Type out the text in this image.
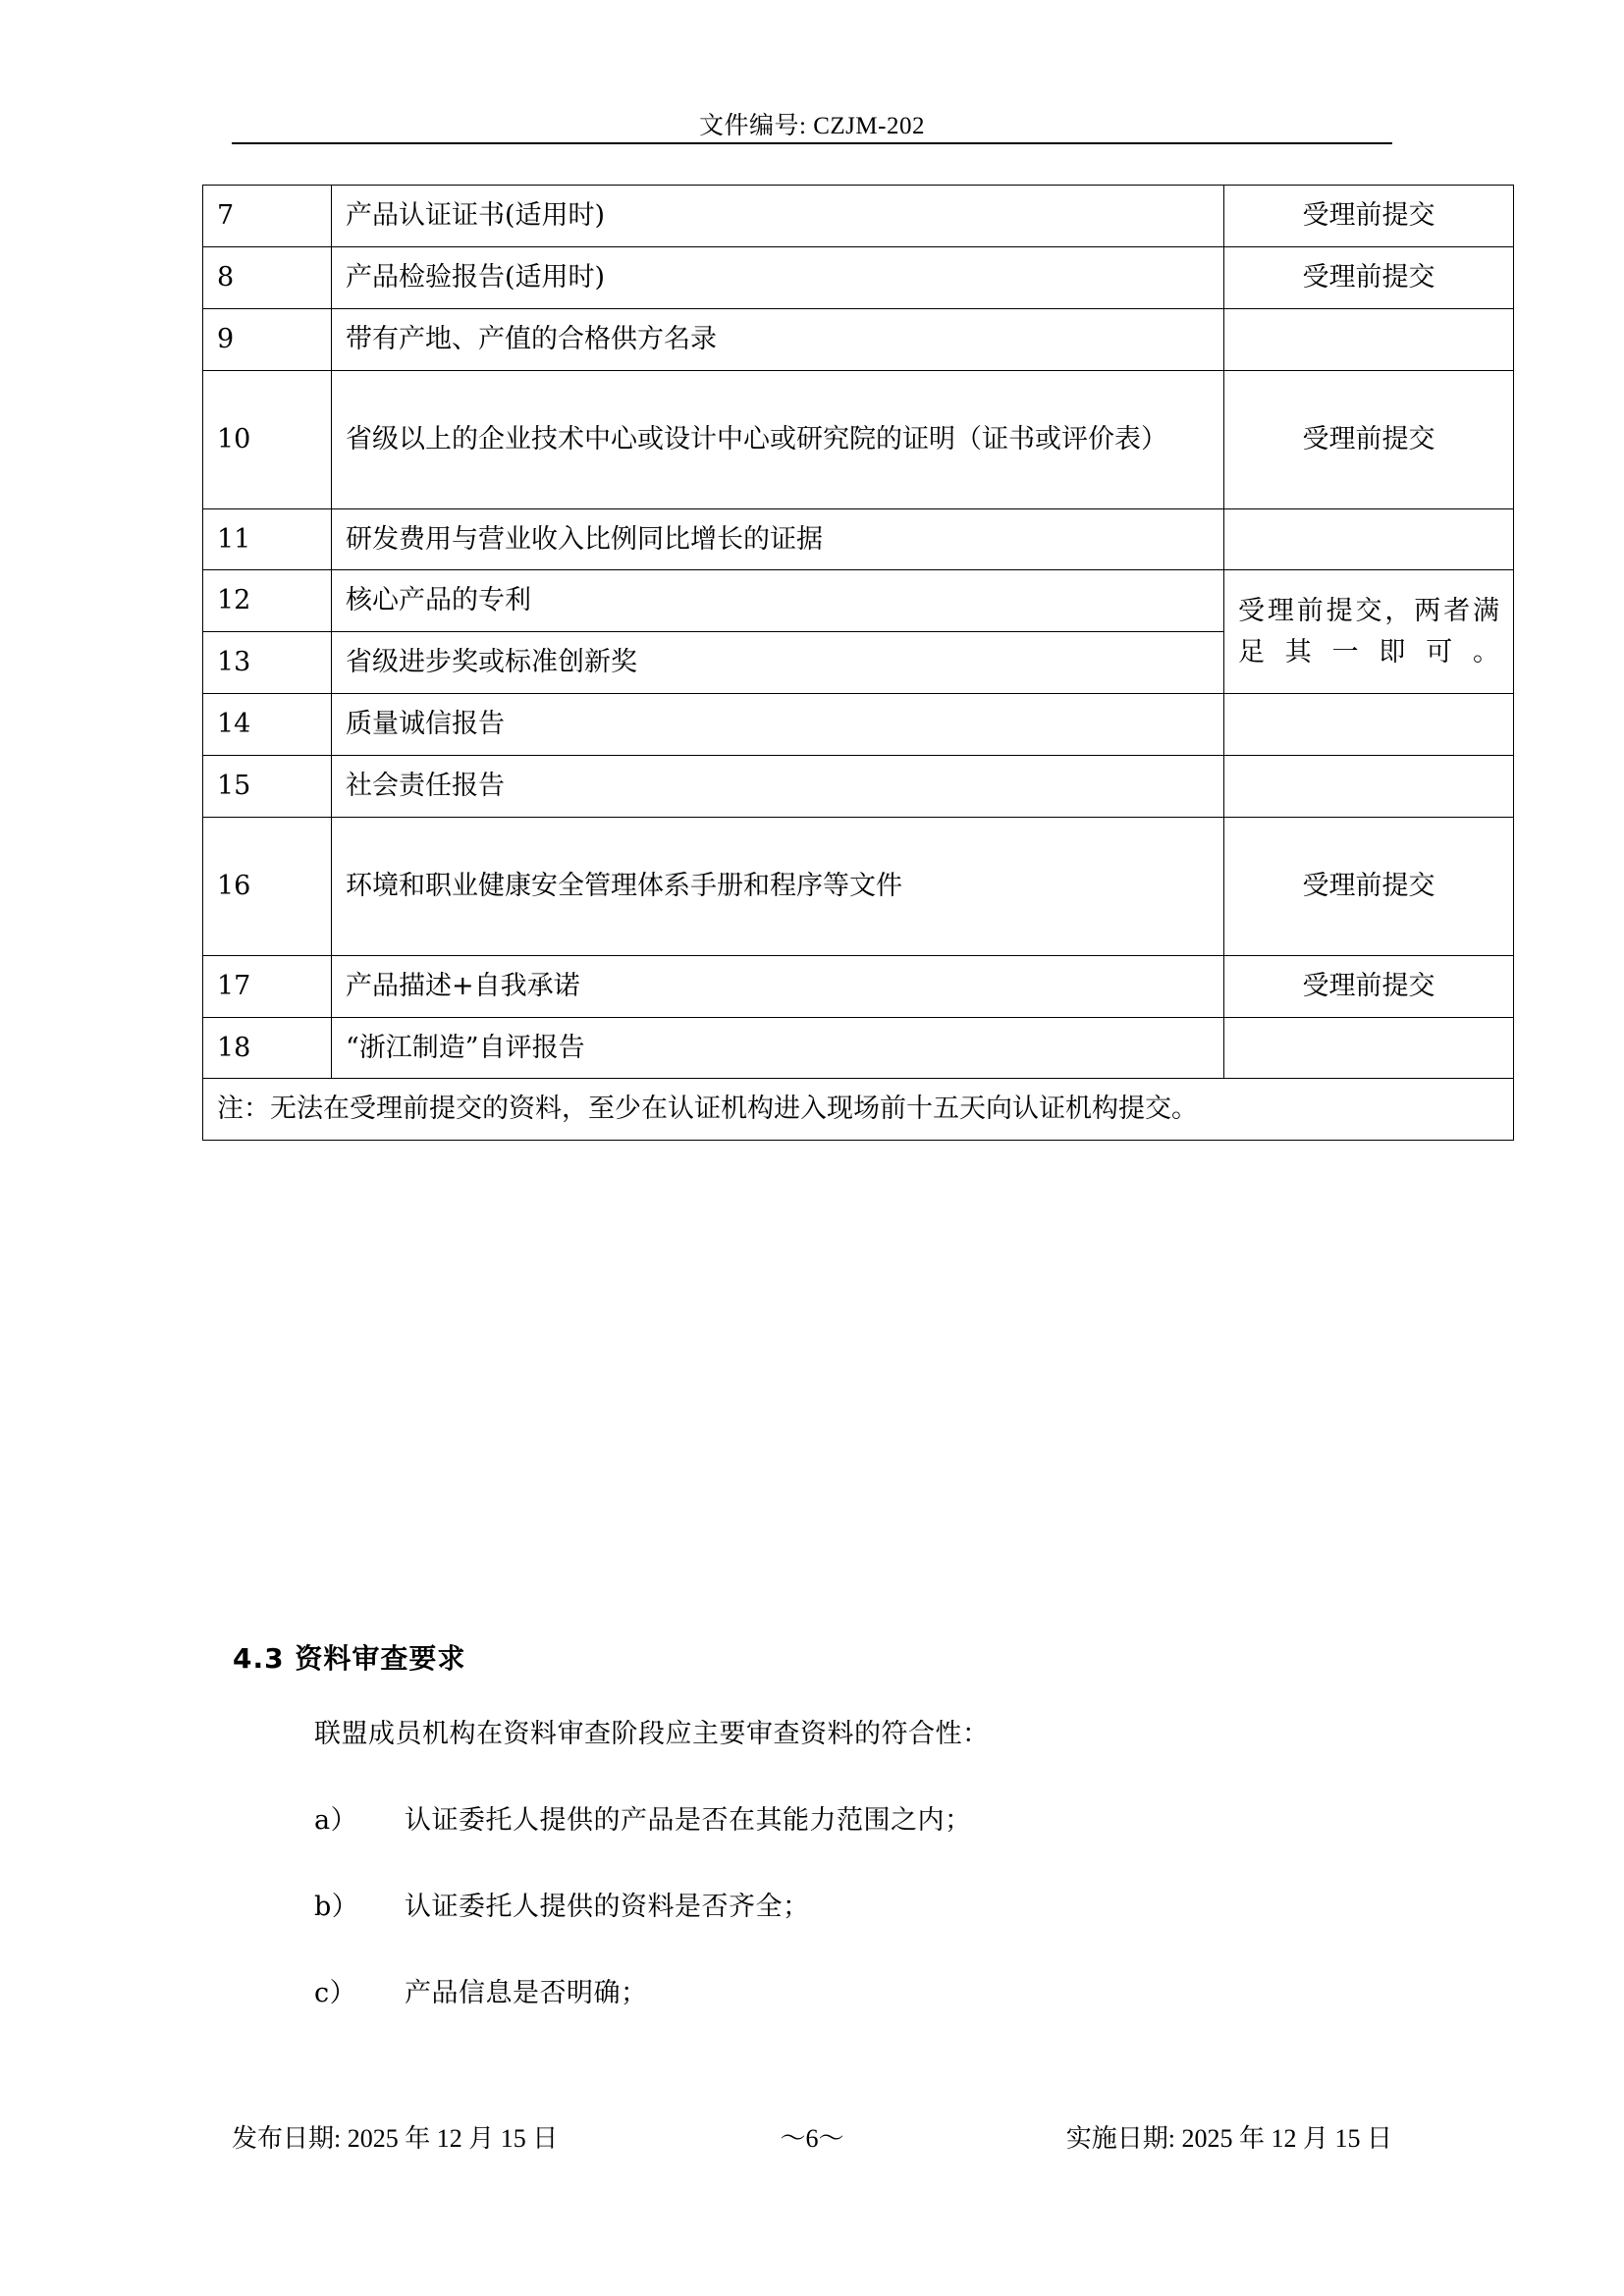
文件编号: CZJM-202
7	产品认证证书(适用时)	受理前提交
8	产品检验报告(适用时)	受理前提交
9	带有产地、产值的合格供方名录	
10	省级以上的企业技术中心或设计中心或研究院的证明（证书或评价表）	受理前提交
11	研发费用与营业收入比例同比增长的证据	
12	核心产品的专利	受理前提交，两者满足其一即可。
13	省级进步奖或标准创新奖	
14	质量诚信报告	
15	社会责任报告	
16	环境和职业健康安全管理体系手册和程序等文件	受理前提交
17	产品描述+自我承诺	受理前提交
18	“浙江制造”自评报告	
注：无法在受理前提交的资料，至少在认证机构进入现场前十五天向认证机构提交。		
4.3 资料审查要求
联盟成员机构在资料审查阶段应主要审查资料的符合性：
a） 认证委托人提供的产品是否在其能力范围之内；
b） 认证委托人提供的资料是否齐全；
c） 产品信息是否明确；
发布日期: 2025 年 12 月 15 日	～6～	实施日期: 2025 年 12 月 15 日
